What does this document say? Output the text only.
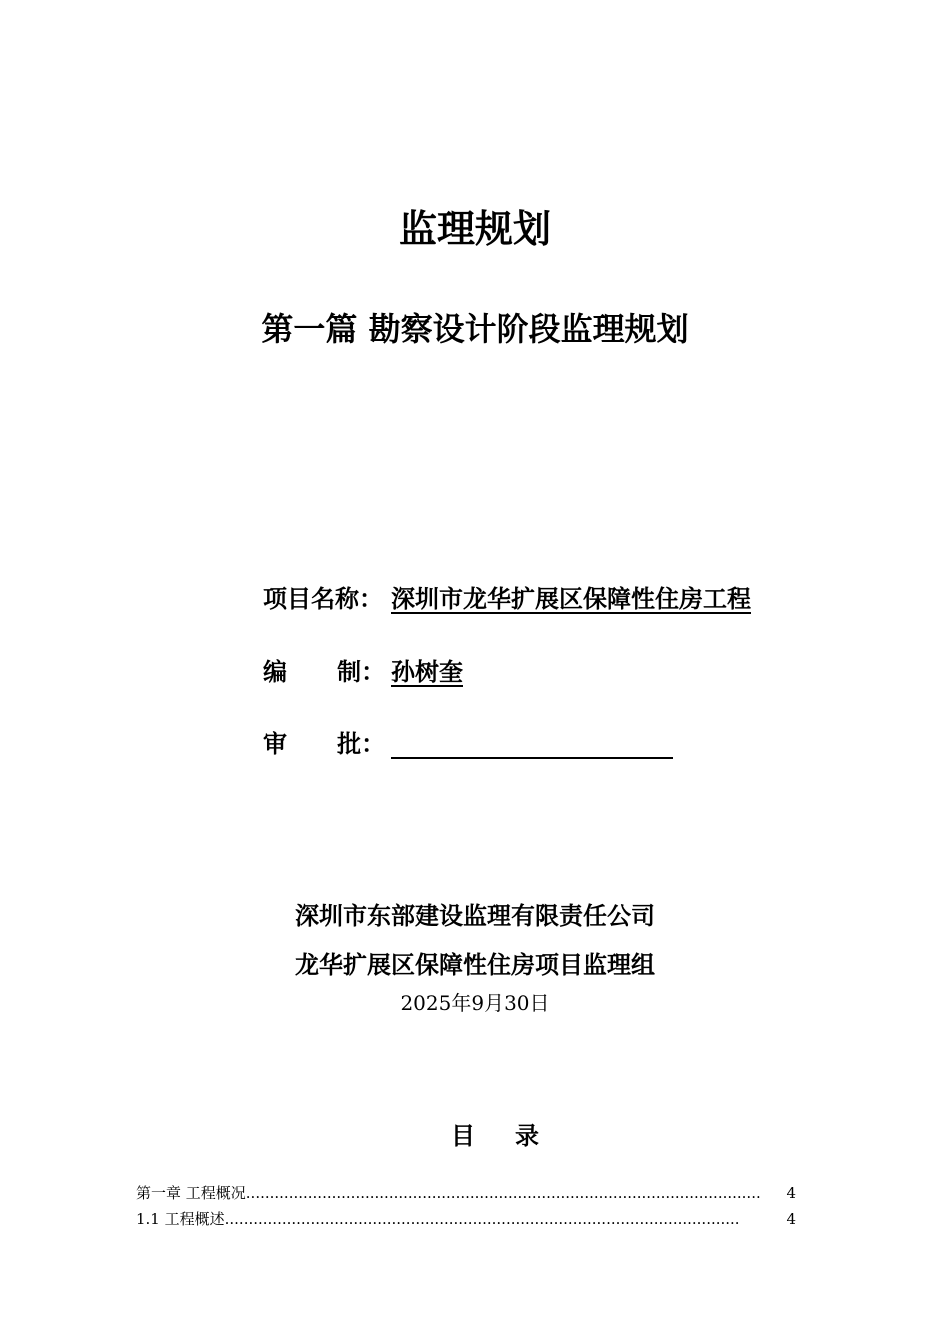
监理规划
第一篇 勘察设计阶段监理规划
项目名称： 深圳市龙华扩展区保障性住房工程
编      制： 孙树奎
审      批：
深圳市东部建设监理有限责任公司
龙华扩展区保障性住房项目监理组
2025年9月30日
目录
第一章 工程概况 ............................................................................................................	4
1.1 工程概述 ............................................................................................................	4
